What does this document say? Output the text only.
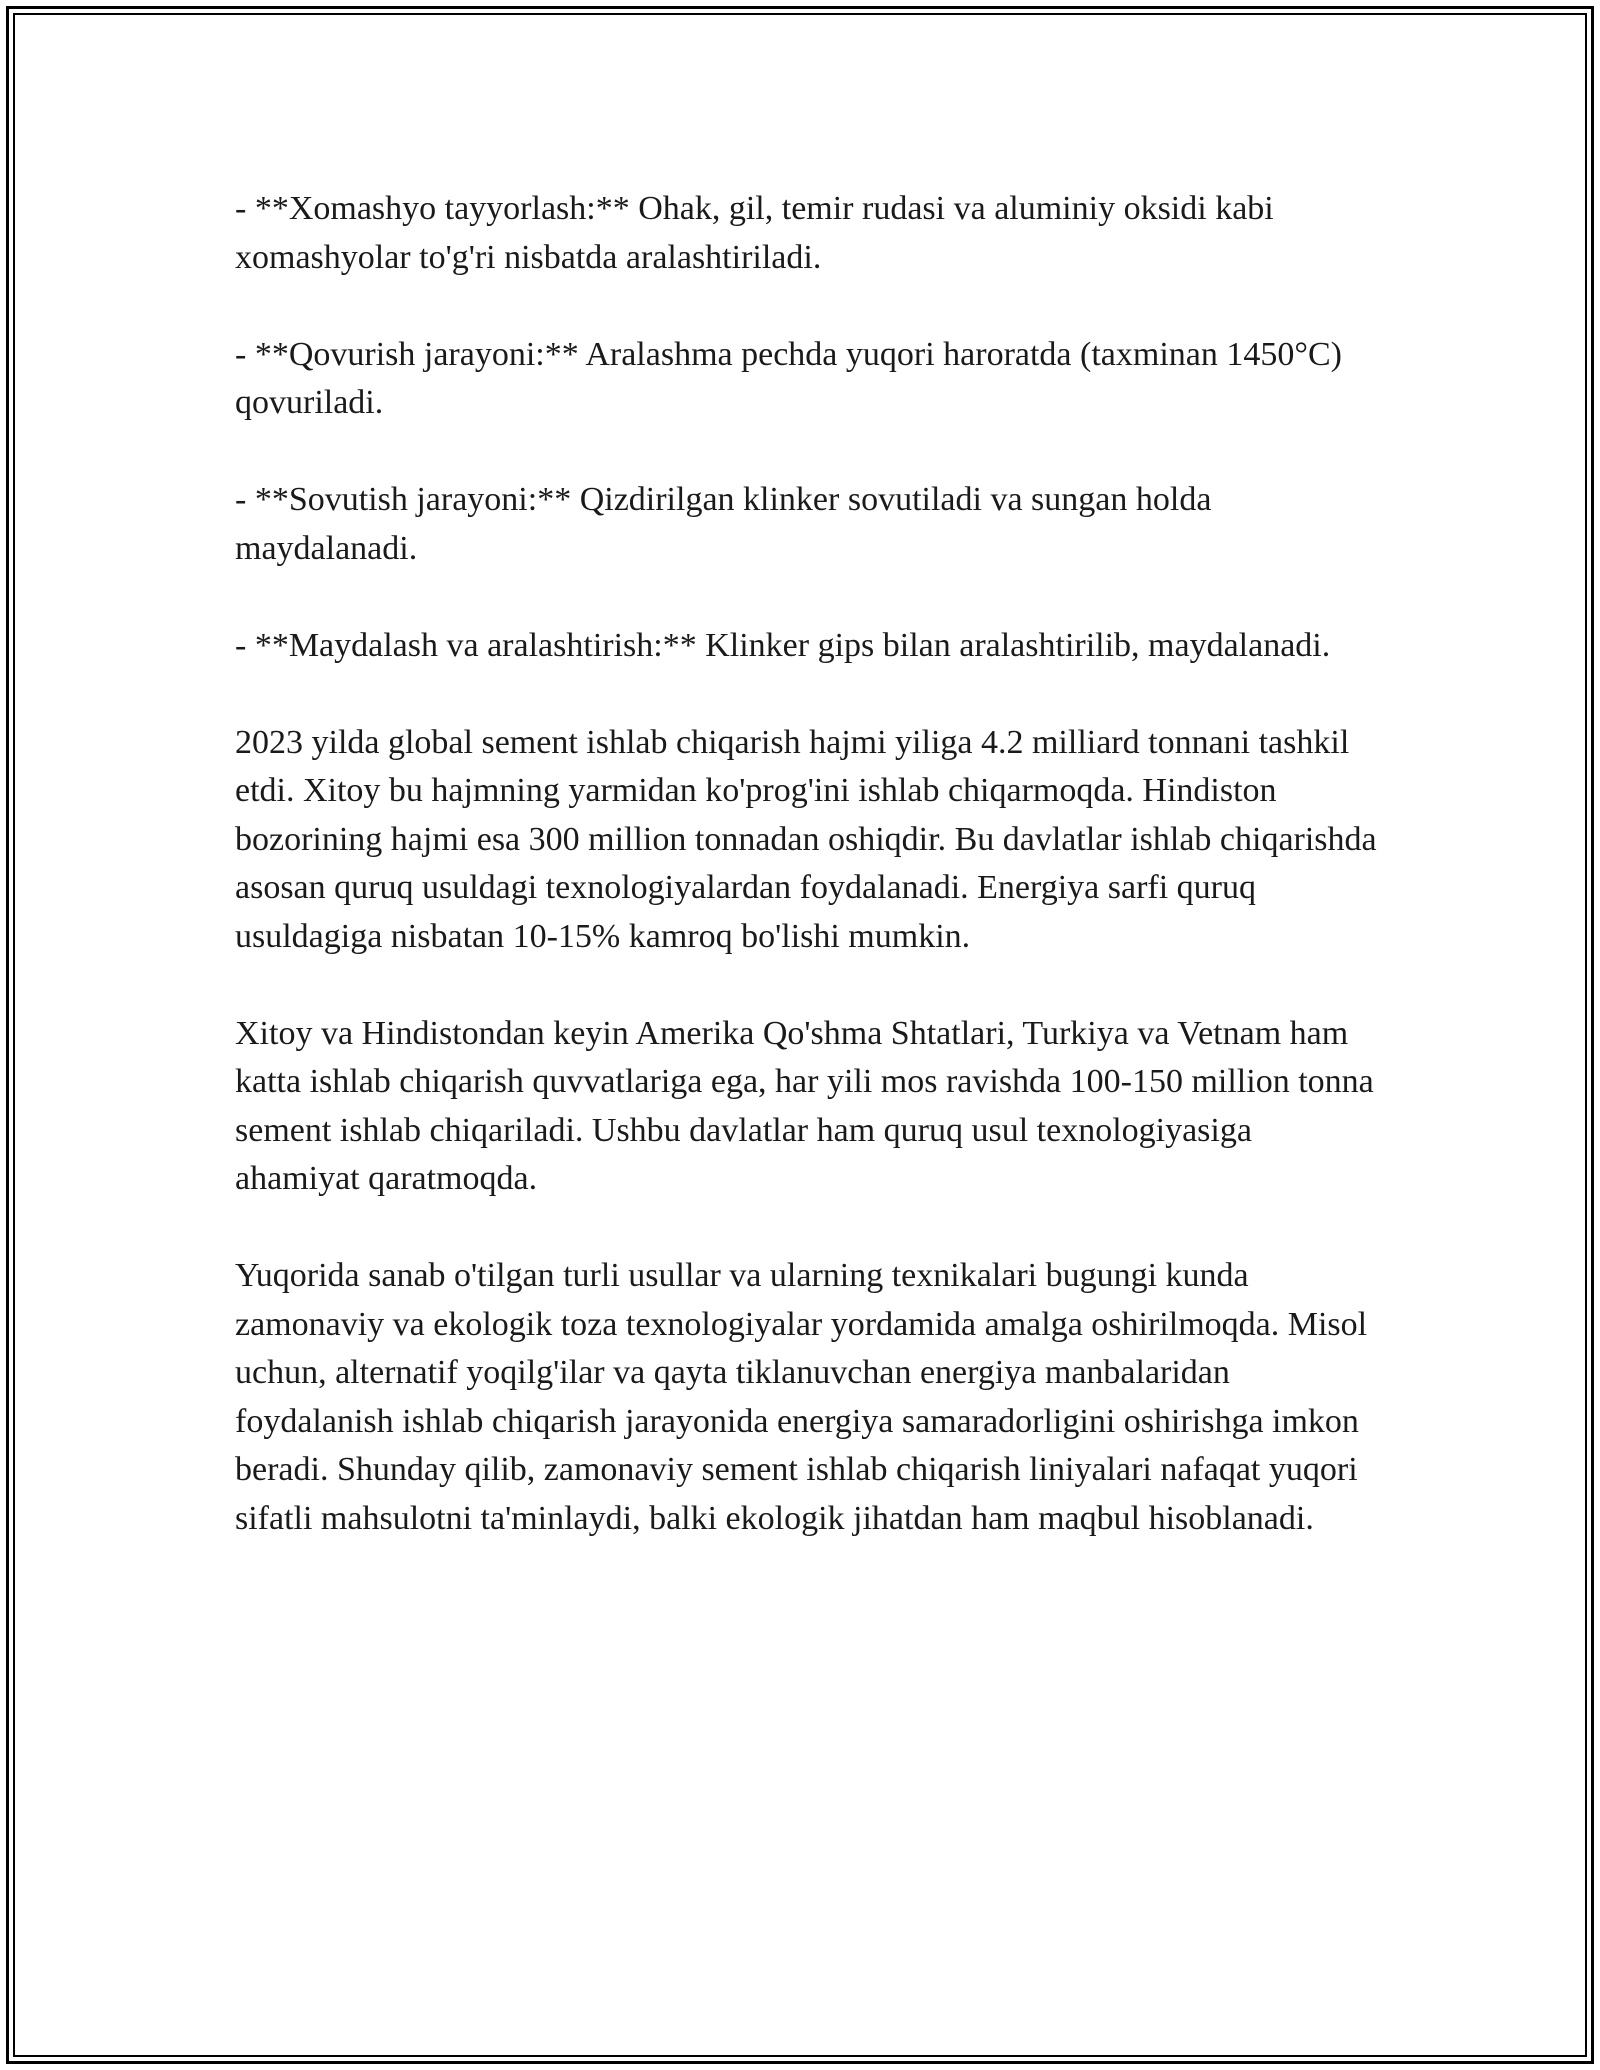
- **Xomashyo tayyorlash:** Ohak, gil, temir rudasi va aluminiy oksidi kabi xomashyolar to'g'ri nisbatda aralashtiriladi.

- **Qovurish jarayoni:** Aralashma pechda yuqori haroratda (taxminan 1450°C) qovuriladi.

- **Sovutish jarayoni:** Qizdirilgan klinker sovutiladi va sungan holda maydalanadi.

- **Maydalash va aralashtirish:** Klinker gips bilan aralashtirilib, maydalanadi.

2023 yilda global sement ishlab chiqarish hajmi yiliga 4.2 milliard tonnani tashkil etdi. Xitoy bu hajmning yarmidan ko'prog'ini ishlab chiqarmoqda. Hindiston bozorining hajmi esa 300 million tonnadan oshiqdir. Bu davlatlar ishlab chiqarishda asosan quruq usuldagi texnologiyalardan foydalanadi. Energiya sarfi quruq usuldagiga nisbatan 10-15% kamroq bo'lishi mumkin.

Xitoy va Hindistondan keyin Amerika Qo'shma Shtatlari, Turkiya va Vetnam ham katta ishlab chiqarish quvvatlariga ega, har yili mos ravishda 100-150 million tonna sement ishlab chiqariladi. Ushbu davlatlar ham quruq usul texnologiyasiga ahamiyat qaratmoqda.

Yuqorida sanab o'tilgan turli usullar va ularning texnikalari bugungi kunda zamonaviy va ekologik toza texnologiyalar yordamida amalga oshirilmoqda. Misol uchun, alternatif yoqilg'ilar va qayta tiklanuvchan energiya manbalaridan foydalanish ishlab chiqarish jarayonida energiya samaradorligini oshirishga imkon beradi. Shunday qilib, zamonaviy sement ishlab chiqarish liniyalari nafaqat yuqori sifatli mahsulotni ta'minlaydi, balki ekologik jihatdan ham maqbul hisoblanadi.
